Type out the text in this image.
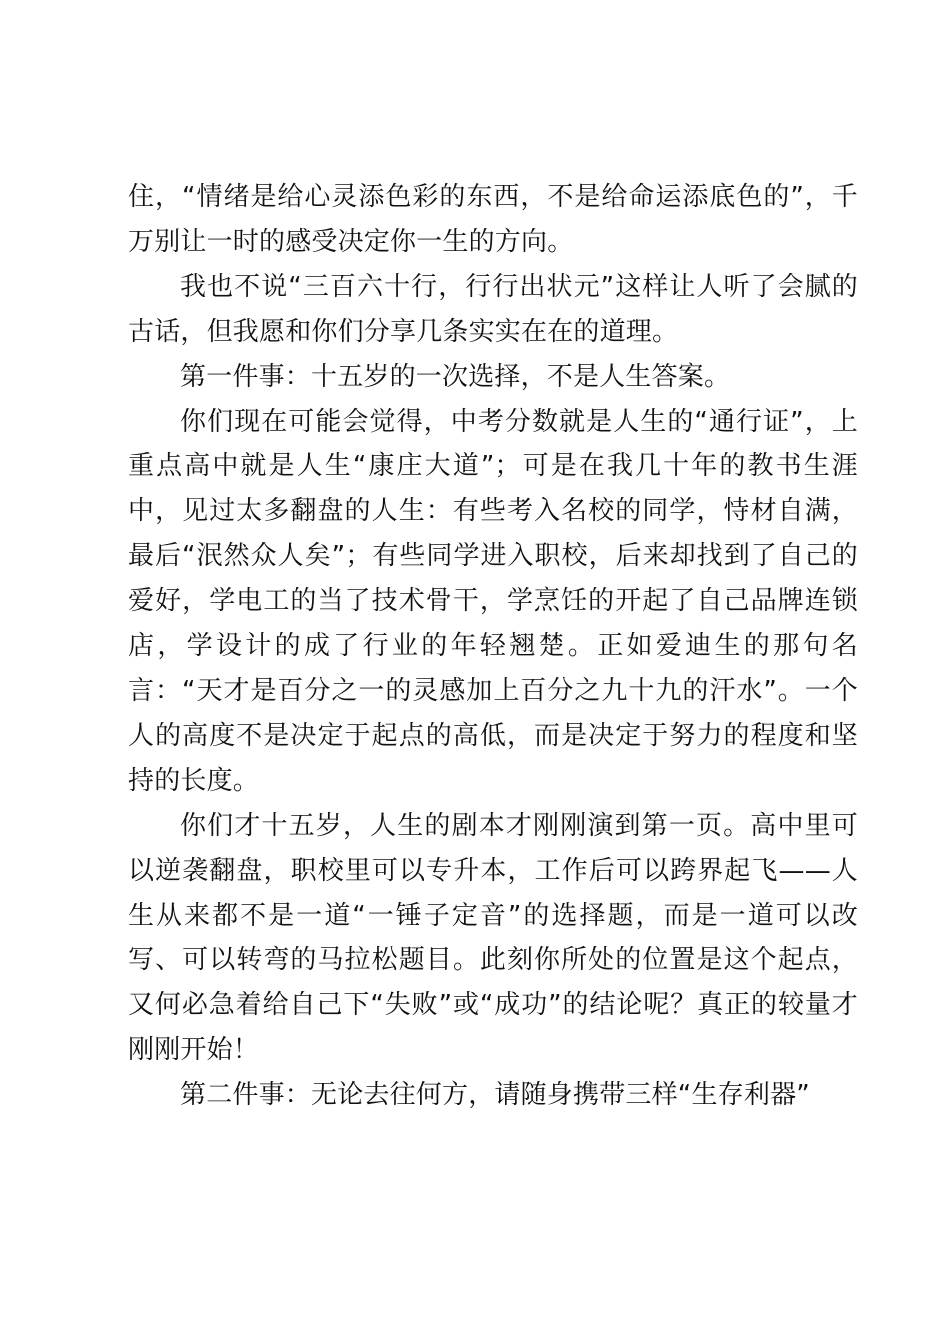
住，“情绪是给心灵添色彩的东西，不是给命运添底色的”，千万别让一时的感受决定你一生的方向。

我也不说“三百六十行，行行出状元”这样让人听了会腻的古话，但我愿和你们分享几条实实在在的道理。

第一件事：十五岁的一次选择，不是人生答案。

你们现在可能会觉得，中考分数就是人生的“通行证”，上重点高中就是人生“康庄大道”；可是在我几十年的教书生涯中，见过太多翻盘的人生：有些考入名校的同学，恃材自满，最后“泯然众人矣”；有些同学进入职校，后来却找到了自己的爱好，学电工的当了技术骨干，学烹饪的开起了自己品牌连锁店，学设计的成了行业的年轻翘楚。正如爱迪生的那句名言：“天才是百分之一的灵感加上百分之九十九的汗水”。一个人的高度不是决定于起点的高低，而是决定于努力的程度和坚持的长度。

你们才十五岁，人生的剧本才刚刚演到第一页。高中里可以逆袭翻盘，职校里可以专升本，工作后可以跨界起飞——人生从来都不是一道“一锤子定音”的选择题，而是一道可以改写、可以转弯的马拉松题目。此刻你所处的位置是这个起点，又何必急着给自己下“失败”或“成功”的结论呢？真正的较量才刚刚开始！

第二件事：无论去往何方，请随身携带三样“生存利器”
